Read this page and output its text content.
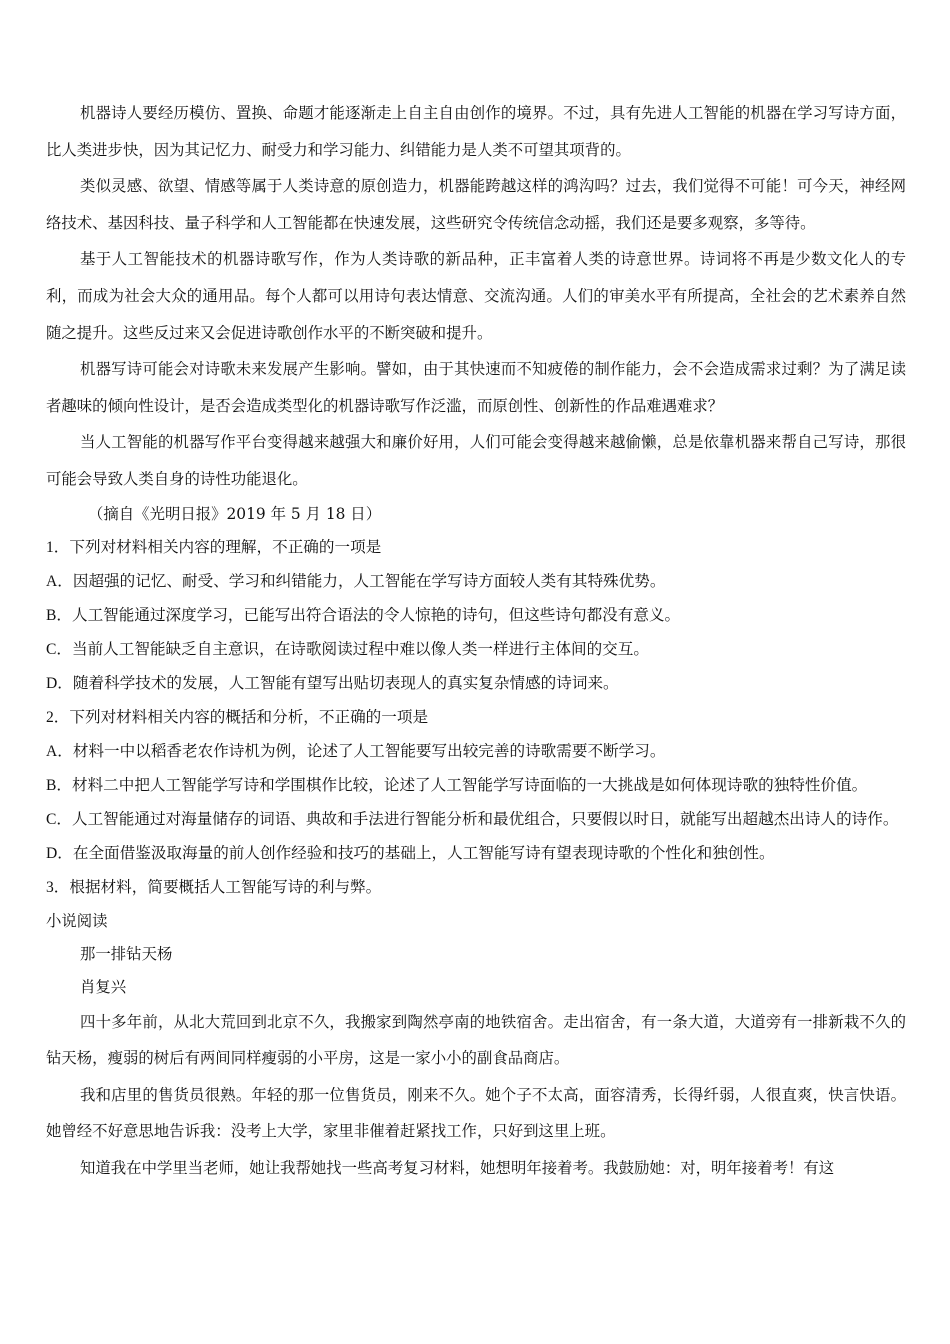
机器诗人要经历模仿、置换、命题才能逐渐走上自主自由创作的境界。不过，具有先进人工智能的机器在学习写诗方面，比人类进步快，因为其记忆力、耐受力和学习能力、纠错能力是人类不可望其项背的。

类似灵感、欲望、情感等属于人类诗意的原创造力，机器能跨越这样的鸿沟吗？过去，我们觉得不可能！可今天，神经网络技术、基因科技、量子科学和人工智能都在快速发展，这些研究令传统信念动摇，我们还是要多观察，多等待。

基于人工智能技术的机器诗歌写作，作为人类诗歌的新品种，正丰富着人类的诗意世界。诗词将不再是少数文化人的专利，而成为社会大众的通用品。每个人都可以用诗句表达情意、交流沟通。人们的审美水平有所提高，全社会的艺术素养自然随之提升。这些反过来又会促进诗歌创作水平的不断突破和提升。

机器写诗可能会对诗歌未来发展产生影响。譬如，由于其快速而不知疲倦的制作能力，会不会造成需求过剩？为了满足读者趣味的倾向性设计，是否会造成类型化的机器诗歌写作泛滥，而原创性、创新性的作品难遇难求？

当人工智能的机器写作平台变得越来越强大和廉价好用，人们可能会变得越来越偷懒，总是依靠机器来帮自己写诗，那很可能会导致人类自身的诗性功能退化。

（摘自《光明日报》2019 年 5 月 18 日）

1．下列对材料相关内容的理解，不正确的一项是

A．因超强的记忆、耐受、学习和纠错能力，人工智能在学写诗方面较人类有其特殊优势。

B．人工智能通过深度学习，已能写出符合语法的令人惊艳的诗句，但这些诗句都没有意义。

C．当前人工智能缺乏自主意识，在诗歌阅读过程中难以像人类一样进行主体间的交互。

D．随着科学技术的发展，人工智能有望写出贴切表现人的真实复杂情感的诗词来。

2．下列对材料相关内容的概括和分析，不正确的一项是

A．材料一中以稻香老农作诗机为例，论述了人工智能要写出较完善的诗歌需要不断学习。

B．材料二中把人工智能学写诗和学围棋作比较，论述了人工智能学写诗面临的一大挑战是如何体现诗歌的独特性价值。

C．人工智能通过对海量储存的词语、典故和手法进行智能分析和最优组合，只要假以时日，就能写出超越杰出诗人的诗作。

D．在全面借鉴汲取海量的前人创作经验和技巧的基础上，人工智能写诗有望表现诗歌的个性化和独创性。

3．根据材料，简要概括人工智能写诗的利与弊。

小说阅读

那一排钻天杨

肖复兴

四十多年前，从北大荒回到北京不久，我搬家到陶然亭南的地铁宿舍。走出宿舍，有一条大道，大道旁有一排新栽不久的钻天杨，瘦弱的树后有两间同样瘦弱的小平房，这是一家小小的副食品商店。

我和店里的售货员很熟。年轻的那一位售货员，刚来不久。她个子不太高，面容清秀，长得纤弱，人很直爽，快言快语。她曾经不好意思地告诉我：没考上大学，家里非催着赶紧找工作，只好到这里上班。

知道我在中学里当老师，她让我帮她找一些高考复习材料，她想明年接着考。我鼓励她：对，明年接着考！有这
